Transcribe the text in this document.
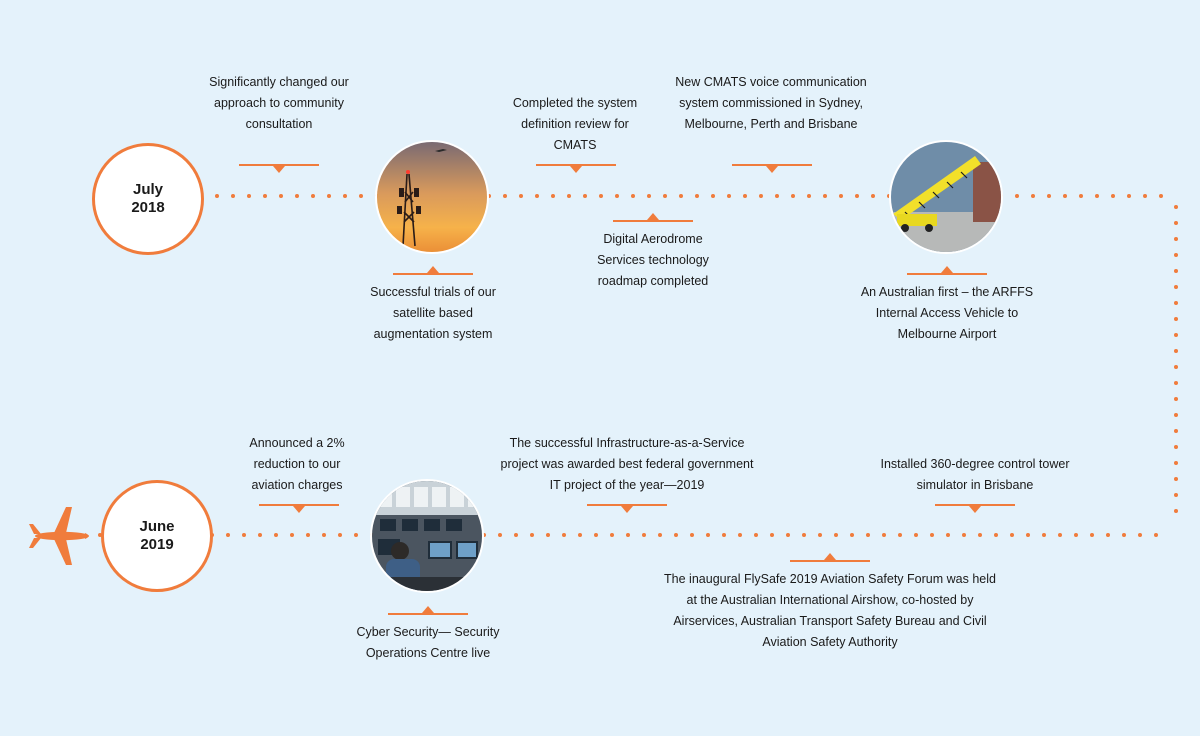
July
2018
June
2019

Significantly changed our approach to community consultation

Successful trials of our satellite based augmentation system

Completed the system definition review for CMATS

Digital Aerodrome Services technology roadmap completed

New CMATS voice communication system commissioned in Sydney, Melbourne, Perth and Brisbane

An Australian first – the ARFFS Internal Access Vehicle to Melbourne Airport

Announced a 2% reduction to our aviation charges

Cyber Security— Security Operations Centre live

The successful Infrastructure-as-a-Service project was awarded best federal government IT project of the year—2019

The inaugural FlySafe 2019 Aviation Safety Forum was held at the Australian International Airshow, co-hosted by Airservices, Australian Transport Safety Bureau and Civil Aviation Safety Authority

Installed 360-degree control tower simulator in Brisbane
